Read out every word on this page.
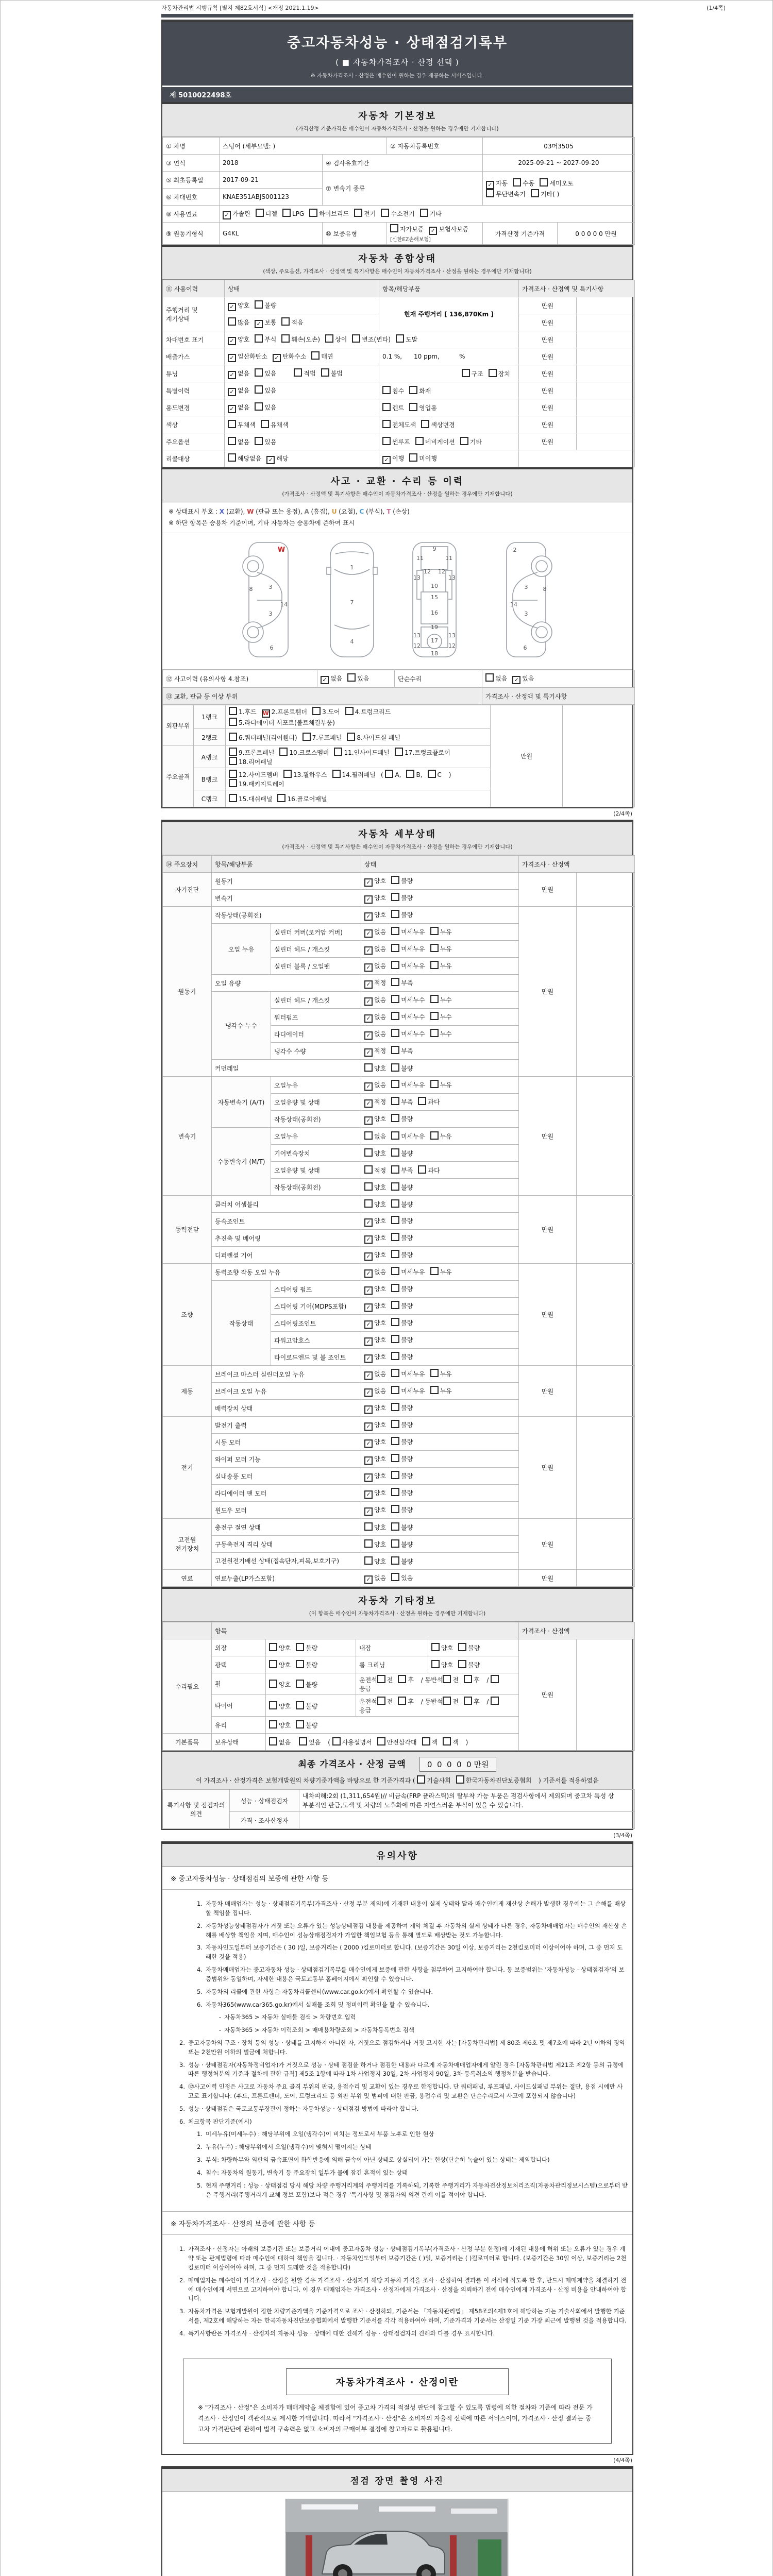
자동차관리법 시행규칙 [별지 제82호서식] <개정 2021.1.19>	(1/4쪽)
중고자동차성능 · 상태점검기록부
( ■ 자동차가격조사 · 산정 선택 )
※ 자동차가격조사 · 산정은 매수인이 원하는 경우 제공하는 서비스입니다.
제 5010022498호
자동차 기본정보
(가격산정 기준가격은 매수인이 자동차가격조사 · 산정을 원하는 경우에만 기재합니다)
① 차명	스팅어 (세부모델: )		② 자동차등록번호	03머3505	
③ 연식	2018	④ 검사유효기간		2025-09-21 ~ 2027-09-20	
⑤ 최초등록일	2017-09-21	⑦ 변속기 종류		✓ 자동 수동 세미오토
무단변속기 기타( )	
⑥ 차대번호	KNAE351ABJS001123				
⑧ 사용연료	✓ 가솔린 디젤 LPG 하이브리드 전기 수소전기 기타				
⑨ 원동기형식	G4KL	⑩ 보증유형	자가보증 ✓ 보험사보증[신한EZ손해보험]	가격산정 기준가격	0 0 0 0 0 만원
자동차 종합상태
(색상, 주요옵션, 가격조사 · 산정액 및 특기사항은 매수인이 자동차가격조사 · 산정을 원하는 경우에만 기재합니다)
⑪ 사용이력	상태	항목/해당부품	가격조사 · 산정액 및 특기사항	
주행거리 및 계기상태	✓ 양호 불량	현재 주행거리 [ 136,870Km ]	만원	
	많음 ✓ 보통 적음		만원	
차대번호 표기	✓ 양호 부식 훼손(오손) 상이 변조(변타) 도말		만원	
배출가스	✓ 일산화탄소 ✓ 탄화수소 매연	0.1 %,      10 ppm,          %	만원	
튜닝	✓ 없음 있음 적법 불법	구조 장치	만원	
특별이력	✓ 없음 있음	침수 화재	만원	
용도변경	✓ 없음 있음	렌트 영업용	만원	
색상	무채색 유채색	전체도색 색상변경	만원	
주요옵션	없음 있음	썬루프 네비게이션 기타	만원	
리콜대상	해당없음 ✓ 해당	✓ 이행 미이행		
사고 · 교환 · 수리 등 이력
(가격조사 · 산정액 및 특기사항은 매수인이 자동차가격조사 · 산정을 원하는 경우에만 기재합니다)
※ 상태표시 부호 : X (교환), W (판금 또는 용접), A (흠집), U (요철), C (부식), T (손상)
※ 하단 항목은 승용차 기준이며, 기타 자동차는 승용차에 준하여 표시
W
8	3
14
3
6
1
7
4
9
11	11
13	13
12 12
10
15
16
19
13	13
12	12
17
18
2
8
3
14
3
6
⑫ 사고이력 (유의사항 4.참조)	✓ 없음 있음	단순수리	없음 ✓ 있음
⑬ 교환, 판금 등 이상 부위	가격조사 · 산정액 및 특기사항
외판부위	1랭크	1.후드 W 2.프론트휀더 3.도어 4.트렁크리드
5.라디에이터 서포트(볼트체결부품)	만원	
	2랭크	6.쿼터패널(리어휀더) 7.루프패널 8.사이드실 패널		
주요골격	A랭크	9.프론트패널 10.크로스멤버 11.인사이드패널 17.트렁크플로어
18.리어패널		
	B랭크	12.사이드멤버 13.휠하우스 14.필러패널 ( A, B, C )
19.패키지트레이		
	C랭크	15.대쉬패널 16.플로어패널		
(2/4쪽)
자동차 세부상태
(가격조사 · 산정액 및 특기사항은 매수인이 자동차가격조사 · 산정을 원하는 경우에만 기재합니다)
⑭ 주요장치	항목/해당부품		상태	가격조사 · 산정액	
자기진단	원동기		✓ 양호 불량	만원	
	변속기		✓ 양호 불량		
원동기	작동상태(공회전)		✓ 양호 불량	만원	
	오일 누유	실린더 커버(로커암 커버)	✓ 없음 미세누유 누유		
		실린더 헤드 / 개스킷	✓ 없음 미세누유 누유		
		실린더 블록 / 오일팬	✓ 없음 미세누유 누유		
	오일 유량		✓ 적정 부족		
	냉각수 누수	실린더 헤드 / 개스킷	✓ 없음 미세누수 누수		
		워터펌프	✓ 없음 미세누수 누수		
		라디에이터	✓ 없음 미세누수 누수		
		냉각수 수량	✓ 적정 부족		
	커먼레일		양호 불량		
변속기	자동변속기 (A/T)	오일누유	✓ 없음 미세누유 누유	만원	
		오일유량 및 상태	✓ 적정 부족 과다		
		작동상태(공회전)	✓ 양호 불량		
	수동변속기 (M/T)	오일누유	없음 미세누유 누유		
		기어변속장치	양호 불량		
		오일유량 및 상태	적정 부족 과다		
		작동상태(공회전)	양호 불량		
동력전달	클러치 어셈블리		양호 불량	만원	
	등속조인트		✓ 양호 불량		
	추진축 및 베어링		✓ 양호 불량		
	디퍼렌셜 기어		✓ 양호 불량		
조향	동력조향 작동 오일 누유		✓ 없음 미세누유 누유	만원	
	작동상태	스티어링 펌프	✓ 양호 불량		
		스티어링 기어(MDPS포함)	✓ 양호 불량		
		스티어링조인트	✓ 양호 불량		
		파워고압호스	✓ 양호 불량		
		타이로드엔드 및 볼 조인트	✓ 양호 불량		
제동	브레이크 마스터 실린더오일 누유		✓ 없음 미세누유 누유	만원	
	브레이크 오일 누유		✓ 없음 미세누유 누유		
	배력장치 상태		✓ 양호 불량		
전기	발전기 출력		✓ 양호 불량	만원	
	시동 모터		✓ 양호 불량		
	와이퍼 모터 기능		✓ 양호 불량		
	실내송풍 모터		✓ 양호 불량		
	라디에이터 팬 모터		✓ 양호 불량		
	윈도우 모터		✓ 양호 불량		
고전원 전기장치	충전구 절연 상태		양호 불량	만원	
	구동축전지 격리 상태		양호 불량		
	고전원전기배선 상태(접속단자,피복,보호기구)		양호 불량		
연료	연료누출(LP가스포함)		✓ 없음 있음	만원	
자동차 기타정보
(이 항목은 매수인이 자동차가격조사 · 산정을 원하는 경우에만 기재합니다)
	항목				가격조사 · 산정액	
수리필요	외장	양호 불량	내장	양호 불량	만원	
	광택	양호 불량	룸 크리닝	양호 불량		
	휠	양호 불량	운전석 전 후 / 동반석 전 후 / 응급			
	타이어	양호 불량	운전석 전 후 / 동반석 전 후 / 응급			
	유리	양호 불량				
기본품목	보유상태	없음 있음 ( 사용설명서 안전삼각대 잭 잭 )				
최종 가격조사 · 산정 금액	0  0  0  0  0 만원
이 가격조사 · 산정가격은 보험개발원의 차량기준가액을 바탕으로 한 기준가격과 ( 기술사회 한국자동차진단보증협회 ) 기준서를 적용하였음
특기사항 및 점검자의 의견	성능 · 상태점검자	내차피해:2회 (1,311,654원)// 비금속(FRP 플라스틱)의 탈부착 가능 부품은 점검사항에서 제외되며 중고차 특성 상 부분적인 판금,도색 및 차량의 노후화에 따른 자연스러운 부식이 있을 수 있습니다.
	가격 · 조사산정자	
(3/4쪽)
유의사항
※ 중고자동차성능 · 상태점검의 보증에 관한 사항 등
1. 자동차 매매업자는 성능 · 상태점검기록부(가격조사 · 산정 부분 제외)에 기재된 내용이 실제 상태와 달라 매수인에게 재산상 손해가 발생한 경우에는 그 손해를 배상할 책임을 집니다.
2. 자동차성능상태점검자가 거짓 또는 오류가 있는 성능상태점검 내용을 제공하여 계약 체결 후 자동차의 실제 상태가 다른 경우, 자동차매매업자는 매수인의 재산상 손해를 배상할 책임을 지며, 매수인이 성능상태점검자가 가입한 책임보험 등을 통해 별도로 배상받는 것도 가능합니다.
3. 자동차인도일부터 보증기간은 ( 30 )일, 보증거리는 ( 2000 )킬로미터로 합니다. (보증기간은 30일 이상, 보증거리는 2천킬로미터 이상이어야 하며, 그 중 먼저 도래한 것을 적용)
4. 자동차매매업자는 중고자동차 성능 · 상태점검기록부를 매수인에게 보증에 관한 사항을 첨부하여 고지하여야 합니다. 동 보증범위는 '자동차성능 · 상태점검자'의 보증범위와 동일하며, 자세한 내용은 국토교통부 홈페이지에서 확인할 수 있습니다.
5. 자동차의 리콜에 관한 사항은 자동차리콜센터(www.car.go.kr)에서 확인할 수 있습니다.
6. 자동차365(www.car365.go.kr)에서 실매물 조회 및 정비이력 확인을 할 수 있습니다.
- 자동차365 > 자동차 실매물 검색 > 차량번호 입력
- 자동차365 > 자동차 이력조회 > 매매용차량조회 > 자동차등록번호 검색
2. 중고자동차의 구조 · 장치 등의 성능 · 상태를 고지하지 아니한 자, 거짓으로 점검하거나 거짓 고지한 자는 [자동차관리법] 제 80조 제6호 및 제7호에 따라 2년 이하의 징역 또는 2천만원 이하의 벌금에 처합니다.
3. 성능 · 상태점검자(자동차정비업자)가 거짓으로 성능 · 상태 점검을 하거나 점검한 내용과 다르게 자동차매매업자에게 알린 경우 [자동차관리법 제21조 제2항 등의 규정에 따른 행정처분의 기준과 절차에 관한 규칙] 제5조 1항에 따라 1차 사업정지 30일, 2차 사업정지 90일, 3차 등록취소의 행정처분을 받습니다.
4. ⑫사고이력 인정은 사고로 자동차 주요 골격 부위의 판금, 용접수리 및 교환이 있는 경우로 한정합니다. 단 쿼터패널, 루프패널, 사이드실패널 부위는 절단, 용접 시에만 사고로 표기합니다. (후드, 프론트펜더, 도어, 트렁크리드 등 외판 부위 및 범퍼에 대한 판금, 용접수리 및 교환은 단순수리로서 사고에 포함되지 않습니다)
5. 성능 · 상태점검은 국토교통부장관이 정하는 자동차성능 · 상태점검 방법에 따라야 합니다.
6. 체크항목 판단기준(예시)
1. 미세누유(미세누수) : 해당부위에 오일(냉각수)이 비치는 정도로서 부품 노후로 인한 현상
2. 누유(누수) : 해당부위에서 오일(냉각수)이 맺혀서 떨어지는 상태
3. 부식: 차량하부와 외판의 금속표면이 화학반응에 의해 금속이 아닌 상태로 상실되어 가는 현상(단순히 녹슬어 있는 상태는 제외합니다)
4. 침수: 자동차의 원동기, 변속기 등 주요장치 일부가 물에 잠긴 흔적이 있는 상태
5. 현재 주행거리 : 성능 · 상태점검 당시 해당 차량 주행거리계의 주행거리를 기록하되, 기록한 주행거리가 자동차전산정보처리조직(자동차관리정보시스템)으로부터 받은 주행거리(주행거리계 교체 정보 포함)보다 적은 경우 '특기사항 및 점검자의 의견 란에 이를 적어야 합니다.
※ 자동차가격조사 · 산정의 보증에 관한 사항 등
1. 가격조사 · 산정자는 아래의 보증기간 또는 보증거리 이내에 중고자동차 성능 · 상태점검기록부(가격조사 · 산정 부분 한정)에 기재된 내용에 허위 또는 오류가 있는 경우 계약 또는 관계법령에 따라 매수인에 대하여 책임을 집니다. · 자동차인도일부터 보증기간은 ( )일, 보증거리는 ( )킬로미터로 합니다. (보증기간은 30일 이상, 보증거리는 2천킬로미터 이상이어야 하며, 그 중 먼저 도래한 것을 적용합니다)
2. 매매업자는 매수인이 가격조사 · 산정을 원할 경우 가격조사 · 산정자가 해당 자동차 가격을 조사 · 산정하여 결과를 이 서식에 적도록 한 후, 반드시 매매계약을 체결하기 전에 매수인에게 서면으로 고지하여야 합니다. 이 경우 매매업자는 가격조사 · 산정자에게 가격조사 · 산정을 의뢰하기 전에 매수인에게 가격조사 · 산정 비용을 안내하여야 합니다.
3. 자동차가격은 보험개발원이 정한 차량기준가액을 기준가격으로 조사 · 산정하되, 기준서는 「자동차관리법」 제58조의4제1호에 해당하는 자는 기술사회에서 발행한 기준서를, 제2호에 해당하는 자는 한국자동차진단보증협회에서 발행한 기준서를 각각 적용하여야 하며, 기준가격과 기준서는 산정일 기준 가장 최근에 발행된 것을 적용합니다.
4. 특기사항란은 가격조사 · 산정자의 자동차 성능 · 상태에 대한 견해가 성능 · 상태점검자의 견해와 다를 경우 표시합니다.
자동차가격조사 · 산정이란
※ "가격조사 · 산정"은 소비자가 매매계약을 체결함에 있어 중고차 가격의 적절성 판단에 참고할 수 있도록 법령에 의한 절차와 기준에 따라 전문 가격조사 · 산정인이 객관적으로 제시한 가액입니다. 따라서 "가격조사 · 산정"은 소비자의 자율적 선택에 따른 서비스이며, 가격조사 · 산정 결과는 중고차 가격판단에 관하여 법적 구속력은 없고 소비자의 구매여부 결정에 참고자료로 활용됩니다.
(4/4쪽)
점검 장면 촬영 사진
